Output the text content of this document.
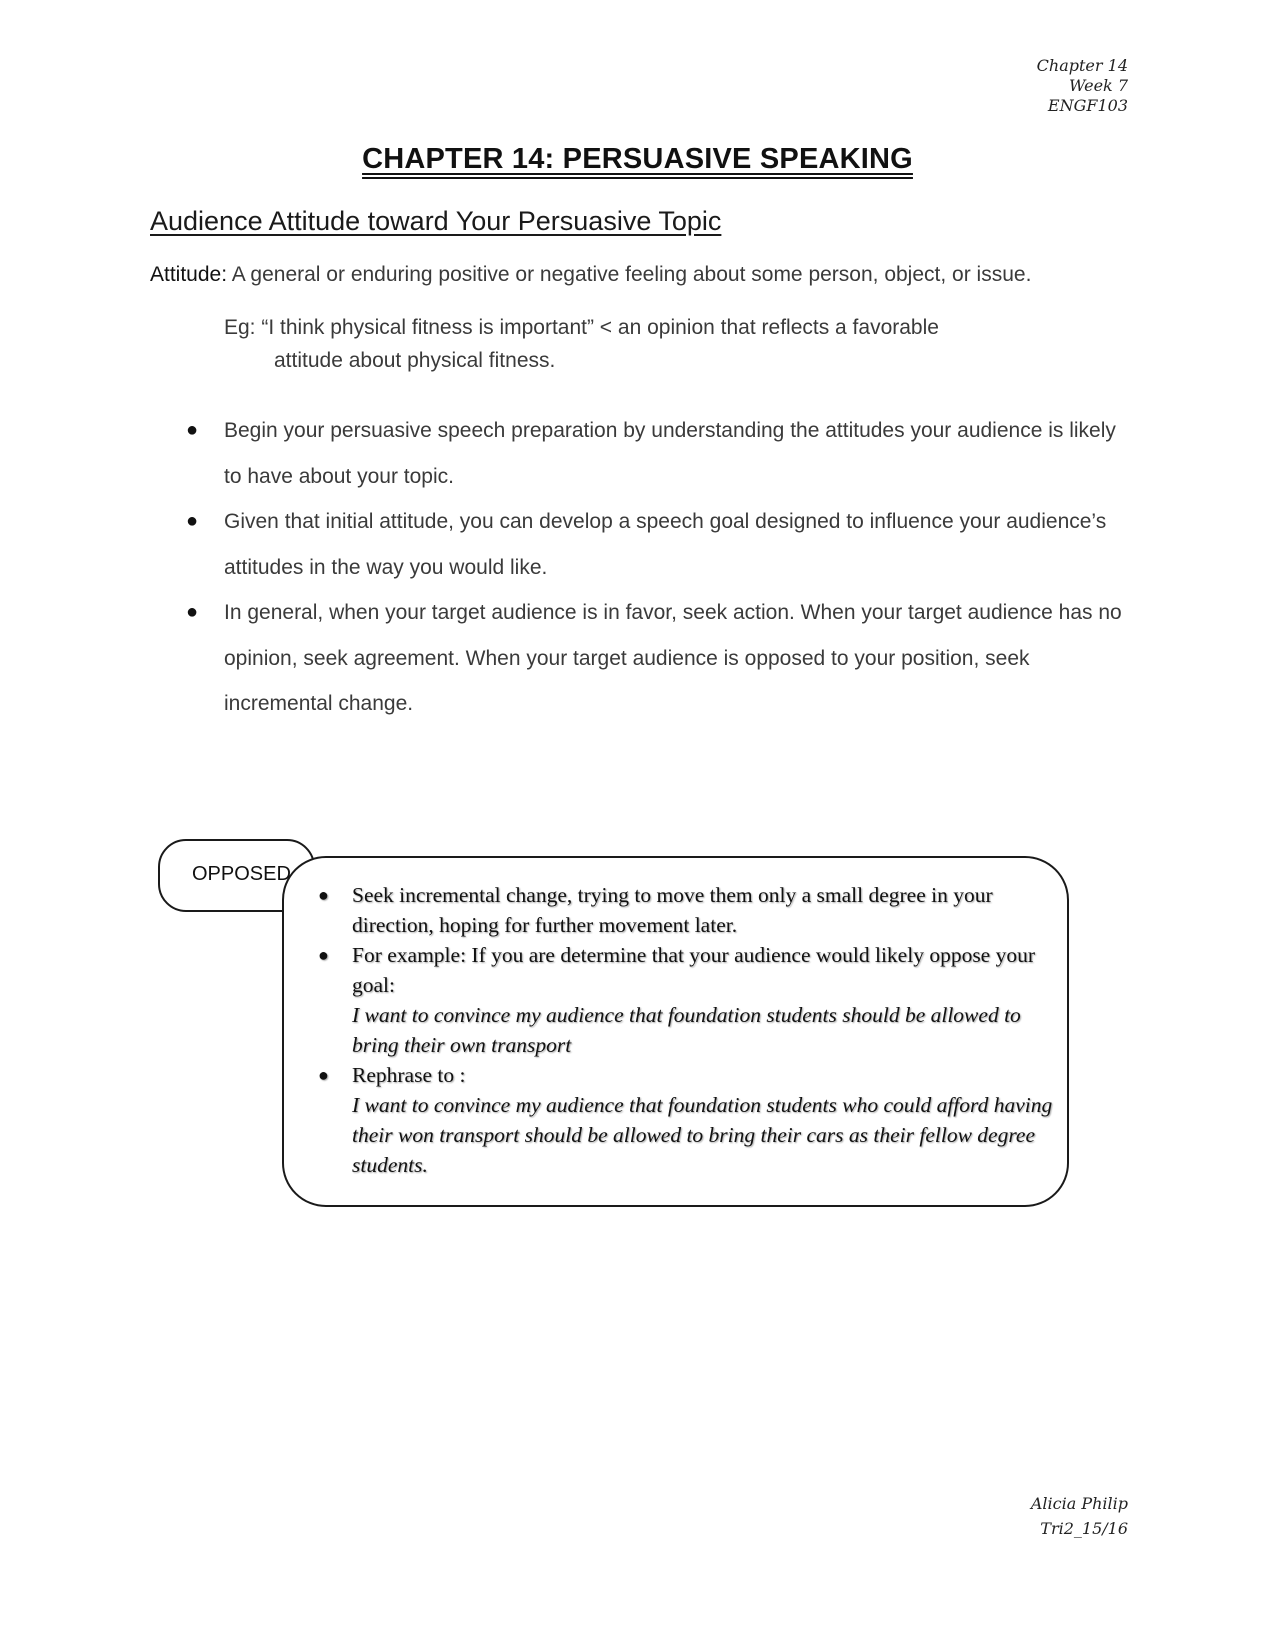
Chapter 14
Week 7
ENGF103
CHAPTER 14: PERSUASIVE SPEAKING
Audience Attitude toward Your Persuasive Topic
Attitude: A general or enduring positive or negative feeling about some person, object, or issue.
Eg: “I think physical fitness is important” < an opinion that reflects a favorable
attitude about physical fitness.
● Begin your persuasive speech preparation by understanding the attitudes your audience is likely to have about your topic.
● Given that initial attitude, you can develop a speech goal designed to influence your audience’s attitudes in the way you would like.
● In general, when your target audience is in favor, seek action. When your target audience has no opinion, seek agreement. When your target audience is opposed to your position, seek incremental change.
OPPOSED
● Seek incremental change, trying to move them only a small degree in your direction, hoping for further movement later.
● For example: If you are determine that your audience would likely oppose your goal:
I want to convince my audience that foundation students should be allowed to bring their own transport
● Rephrase to :
I want to convince my audience that foundation students who could afford having their won transport should be allowed to bring their cars as their fellow degree students.
Alicia Philip
Tri2_15/16
